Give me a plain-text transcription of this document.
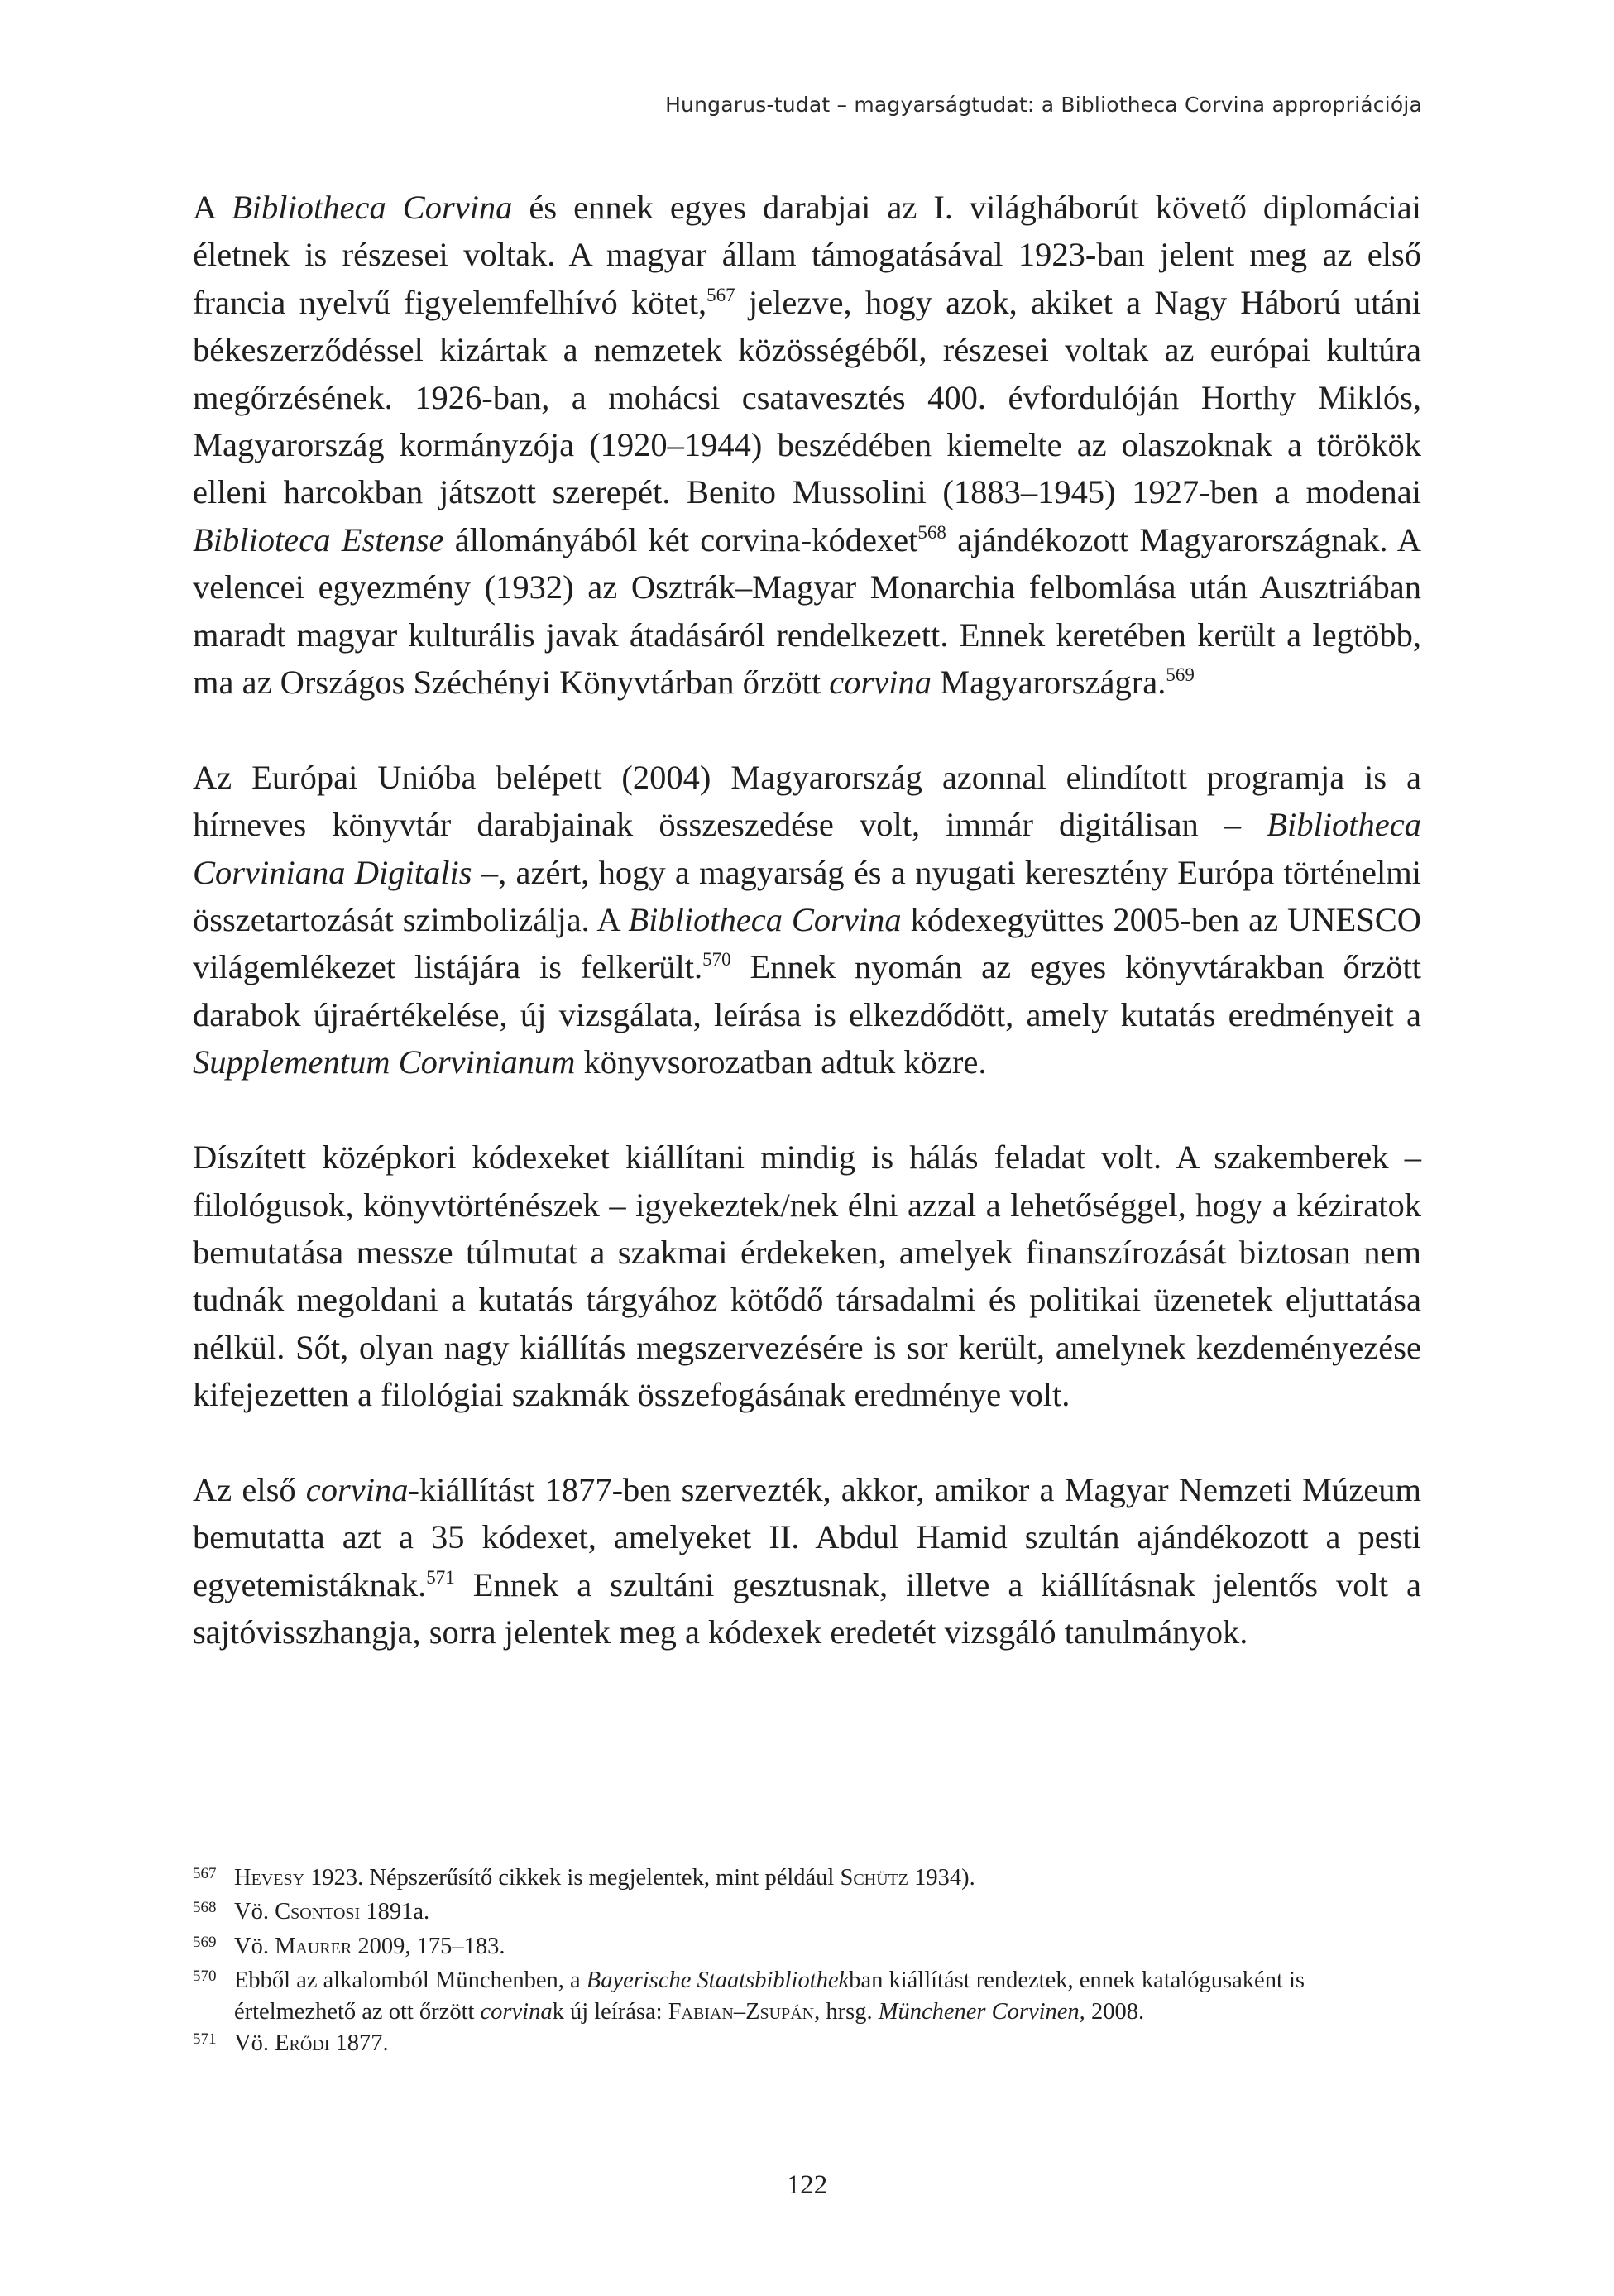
Hungarus-tudat – magyarságtudat: a Bibliotheca Corvina appropriációja

A Bibliotheca Corvina és ennek egyes darabjai az I. világháborút követő diplomáciai életnek is részesei voltak. A magyar állam támogatásával 1923-ban jelent meg az első francia nyelvű figyelemfelhívó kötet,$^{567}$ jelezve, hogy azok, akiket a Nagy Háború utáni békeszerződéssel kizártak a nemzetek közösségéből, részesei voltak az európai kultúra megőrzésének. 1926-ban, a mohácsi csatavesztés 400. évfordulóján Horthy Miklós, Magyarország kormányzója (1920–1944) beszédében kiemelte az olaszoknak a törökök elleni harcokban játszott szerepét. Benito Mussolini (1883–1945) 1927-ben a modenai Biblioteca Estense állományából két corvina-kódexet$^{568}$ ajándékozott Magyarországnak. A velencei egyezmény (1932) az Osztrák–Magyar Monarchia felbomlása után Ausztriában maradt magyar kulturális javak átadásáról rendelkezett. Ennek keretében került a legtöbb, ma az Országos Széchényi Könyvtárban őrzött corvina Magyarországra.$^{569}$

Az Európai Unióba belépett (2004) Magyarország azonnal elindított programja is a hírneves könyvtár darabjainak összeszedése volt, immár digitálisan – Bibliotheca Corviniana Digitalis –, azért, hogy a magyarság és a nyugati keresztény Európa történelmi összetartozását szimbolizálja. A Bibliotheca Corvina kódexegyüttes 2005-ben az UNESCO világemlékezet listájára is felkerült.$^{570}$ Ennek nyomán az egyes könyvtárakban őrzött darabok újraértékelése, új vizsgálata, leírása is elkezdődött, amely kutatás eredményeit a Supplementum Corvinianum könyvsorozatban adtuk közre.

Díszített középkori kódexeket kiállítani mindig is hálás feladat volt. A szakemberek – filológusok, könyvtörténészek – igyekeztek/nek élni azzal a lehetőséggel, hogy a kéziratok bemutatása messze túlmutat a szakmai érdekeken, amelyek finanszírozását biztosan nem tudnák megoldani a kutatás tárgyához kötődő társadalmi és politikai üzenetek eljuttatása nélkül. Sőt, olyan nagy kiállítás megszervezésére is sor került, amelynek kezdeményezése kifejezetten a filológiai szakmák összefogásának eredménye volt.

Az első corvina-kiállítást 1877-ben szervezték, akkor, amikor a Magyar Nemzeti Múzeum bemutatta azt a 35 kódexet, amelyeket II. Abdul Hamid szultán ajándékozott a pesti egyetemistáknak.$^{571}$ Ennek a szultáni gesztusnak, illetve a kiállításnak jelentős volt a sajtóvisszhangja, sorra jelentek meg a kódexek eredetét vizsgáló tanulmányok.

567 Hevesy 1923. Népszerűsítő cikkek is megjelentek, mint például Schütz 1934).
568 Vö. Csontosi 1891a.
569 Vö. Maurer 2009, 175–183.
570 Ebből az alkalomból Münchenben, a Bayerische Staatsbibliothekban kiállítást rendeztek, ennek katalógusaként is értelmezhető az ott őrzött corvinak új leírása: Fabian–Zsupán, hrsg. Münchener Corvinen, 2008.
571 Vö. Erődi 1877.
122
